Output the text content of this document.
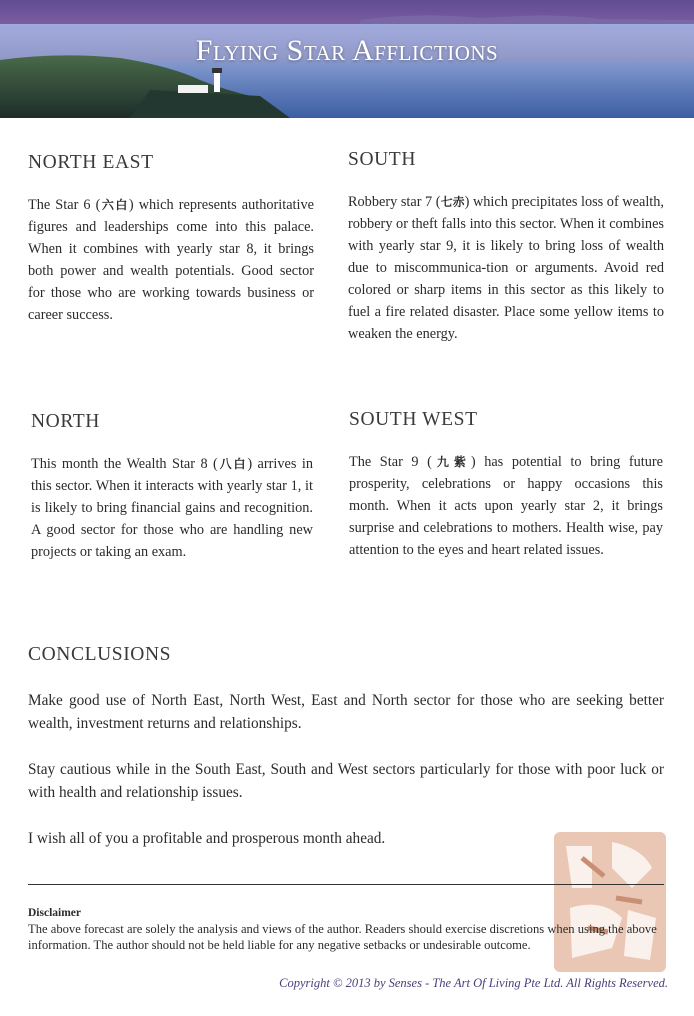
Flying Star Afflictions
NORTH EAST

The Star 6 (六白) which represents authoritative figures and leaderships come into this palace. When it combines with yearly star 8, it brings both power and wealth potentials. Good sector for those who are working towards business or career success.

SOUTH

Robbery star 7 (七赤) which precipitates loss of wealth, robbery or theft falls into this sector. When it combines with yearly star 9, it is likely to bring loss of wealth due to miscommunica-tion or arguments. Avoid red colored or sharp items in this sector as this likely to fuel a fire related disaster. Place some yellow items to weaken the energy.

NORTH

This month the Wealth Star 8 (八白) arrives in this sector. When it interacts with yearly star 1, it is likely to bring financial gains and recognition. A good sector for those who are handling new projects or taking an exam.

SOUTH WEST

The Star 9 (九紫) has potential to bring future prosperity, celebrations or happy occasions this month. When it acts upon yearly star 2, it brings surprise and celebrations to mothers. Health wise, pay attention to the eyes and heart related issues.

CONCLUSIONS

Make good use of North East, North West, East and North sector for those who are seeking better wealth, investment returns and relationships.

Stay cautious while in the South East, South and West sectors particularly for those with poor luck or with health and relationship issues.

I wish all of you a profitable and prosperous month ahead.

Disclaimer
The above forecast are solely the analysis and views of the author. Readers should exercise discretions when using the above information. The author should not be held liable for any negative setbacks or undesirable outcome.
Copyright © 2013 by Senses - The Art Of Living Pte Ltd. All Rights Reserved.
